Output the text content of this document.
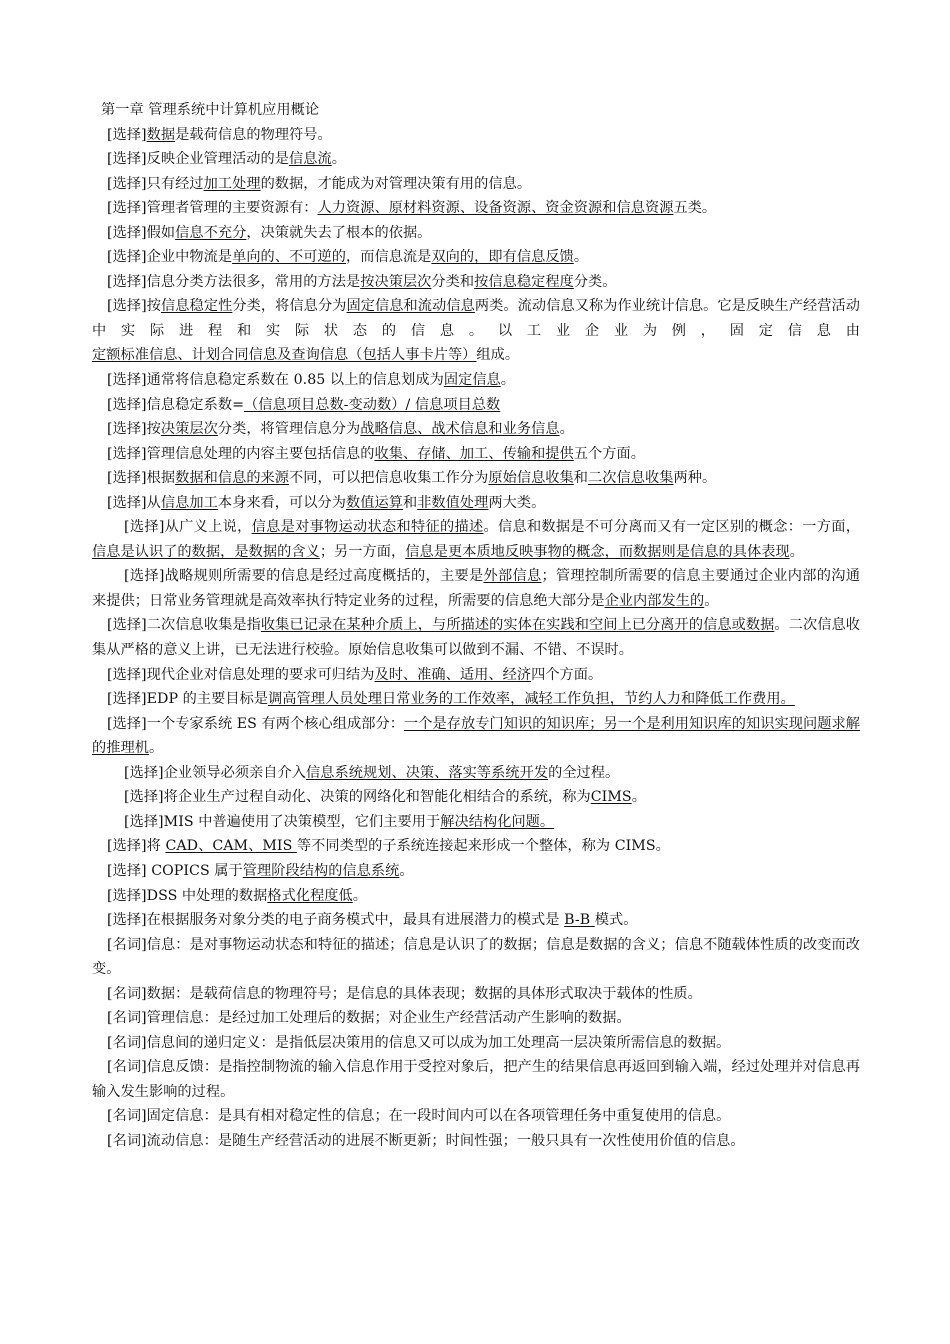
第一章 管理系统中计算机应用概论

[选择]数据是载荷信息的物理符号。

[选择]反映企业管理活动的是信息流。

[选择]只有经过加工处理的数据，才能成为对管理决策有用的信息。

[选择]管理者管理的主要资源有：人力资源、原材料资源、设备资源、资金资源和信息资源五类。

[选择]假如信息不充分，决策就失去了根本的依据。

[选择]企业中物流是单向的、不可逆的，而信息流是双向的，即有信息反馈。

[选择]信息分类方法很多，常用的方法是按决策层次分类和按信息稳定程度分类。

[选择]按信息稳定性分类，将信息分为固定信息和流动信息两类。流动信息又称为作业统计信息。它是反映生产经营活动中实际进程和实际状态的信息。以工业企业为例，固定信息由定额标准信息、计划合同信息及查询信息（包括人事卡片等）组成。

[选择]通常将信息稳定系数在 0.85 以上的信息划成为固定信息。

[选择]信息稳定系数=（信息项目总数-变动数）/ 信息项目总数

[选择]按决策层次分类，将管理信息分为战略信息、战术信息和业务信息。

[选择]管理信息处理的内容主要包括信息的收集、存储、加工、传输和提供五个方面。

[选择]根据数据和信息的来源不同，可以把信息收集工作分为原始信息收集和二次信息收集两种。

[选择]从信息加工本身来看，可以分为数值运算和非数值处理两大类。

[选择]从广义上说，信息是对事物运动状态和特征的描述。信息和数据是不可分离而又有一定区别的概念：一方面，信息是认识了的数据，是数据的含义；另一方面，信息是更本质地反映事物的概念，而数据则是信息的具体表现。

[选择]战略规则所需要的信息是经过高度概括的，主要是外部信息；管理控制所需要的信息主要通过企业内部的沟通来提供；日常业务管理就是高效率执行特定业务的过程，所需要的信息绝大部分是企业内部发生的。

[选择]二次信息收集是指收集已记录在某种介质上，与所描述的实体在实践和空间上已分离开的信息或数据。二次信息收集从严格的意义上讲，已无法进行校验。原始信息收集可以做到不漏、不错、不误时。

[选择]现代企业对信息处理的要求可归结为及时、准确、适用、经济四个方面。

[选择]EDP 的主要目标是调高管理人员处理日常业务的工作效率，减轻工作负担，节约人力和降低工作费用。

[选择]一个专家系统 ES 有两个核心组成部分：一个是存放专门知识的知识库；另一个是利用知识库的知识实现问题求解的推理机。

[选择]企业领导必须亲自介入信息系统规划、决策、落实等系统开发的全过程。

[选择]将企业生产过程自动化、决策的网络化和智能化相结合的系统，称为CIMS。

[选择]MIS 中普遍使用了决策模型，它们主要用于解决结构化问题。

[选择]将 CAD、CAM、MIS 等不同类型的子系统连接起来形成一个整体，称为 CIMS。

[选择] COPICS 属于管理阶段结构的信息系统。

[选择]DSS 中处理的数据格式化程度低。

[选择]在根据服务对象分类的电子商务模式中，最具有进展潜力的模式是 B-B 模式。

[名词]信息：是对事物运动状态和特征的描述；信息是认识了的数据；信息是数据的含义；信息不随载体性质的改变而改变。

[名词]数据：是载荷信息的物理符号；是信息的具体表现；数据的具体形式取决于载体的性质。

[名词]管理信息：是经过加工处理后的数据；对企业生产经营活动产生影响的数据。

[名词]信息间的递归定义：是指低层决策用的信息又可以成为加工处理高一层决策所需信息的数据。

[名词]信息反馈：是指控制物流的输入信息作用于受控对象后，把产生的结果信息再返回到输入端，经过处理并对信息再输入发生影响的过程。

[名词]固定信息：是具有相对稳定性的信息；在一段时间内可以在各项管理任务中重复使用的信息。

[名词]流动信息：是随生产经营活动的进展不断更新；时间性强；一般只具有一次性使用价值的信息。
